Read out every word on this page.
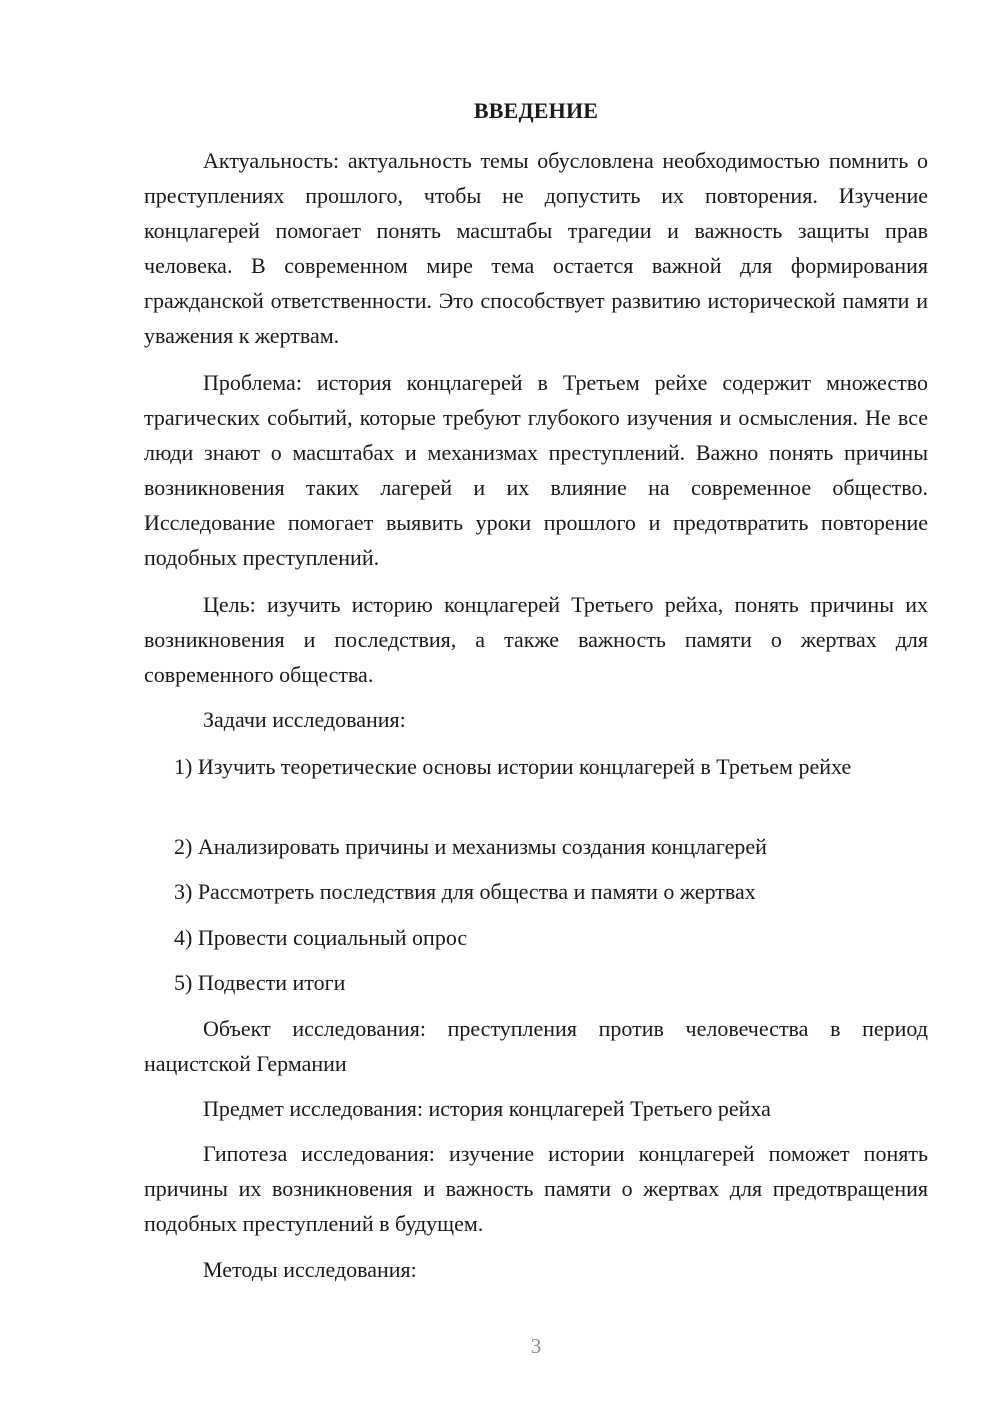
ВВЕДЕНИЕ

Актуальность: актуальность темы обусловлена необходимостью помнить о преступлениях прошлого, чтобы не допустить их повторения. Изучение концлагерей помогает понять масштабы трагедии и важность защиты прав человека. В современном мире тема остается важной для формирования гражданской ответственности. Это способствует развитию исторической памяти и уважения к жертвам.

Проблема: история концлагерей в Третьем рейхе содержит множество трагических событий, которые требуют глубокого изучения и осмысления. Не все люди знают о масштабах и механизмах преступлений. Важно понять причины возникновения таких лагерей и их влияние на современное общество. Исследование помогает выявить уроки прошлого и предотвратить повторение подобных преступлений.

Цель: изучить историю концлагерей Третьего рейха, понять причины их возникновения и последствия, а также важность памяти о жертвах для современного общества.

Задачи исследования:

1) Изучить теоретические основы истории концлагерей в Третьем рейхе

2) Анализировать причины и механизмы создания концлагерей

3) Рассмотреть последствия для общества и памяти о жертвах

4) Провести социальный опрос

5) Подвести итоги

Объект исследования: преступления против человечества в период нацистской Германии

Предмет исследования: история концлагерей Третьего рейха

Гипотеза исследования: изучение истории концлагерей поможет понять причины их возникновения и важность памяти о жертвах для предотвращения подобных преступлений в будущем.

Методы исследования:

3
